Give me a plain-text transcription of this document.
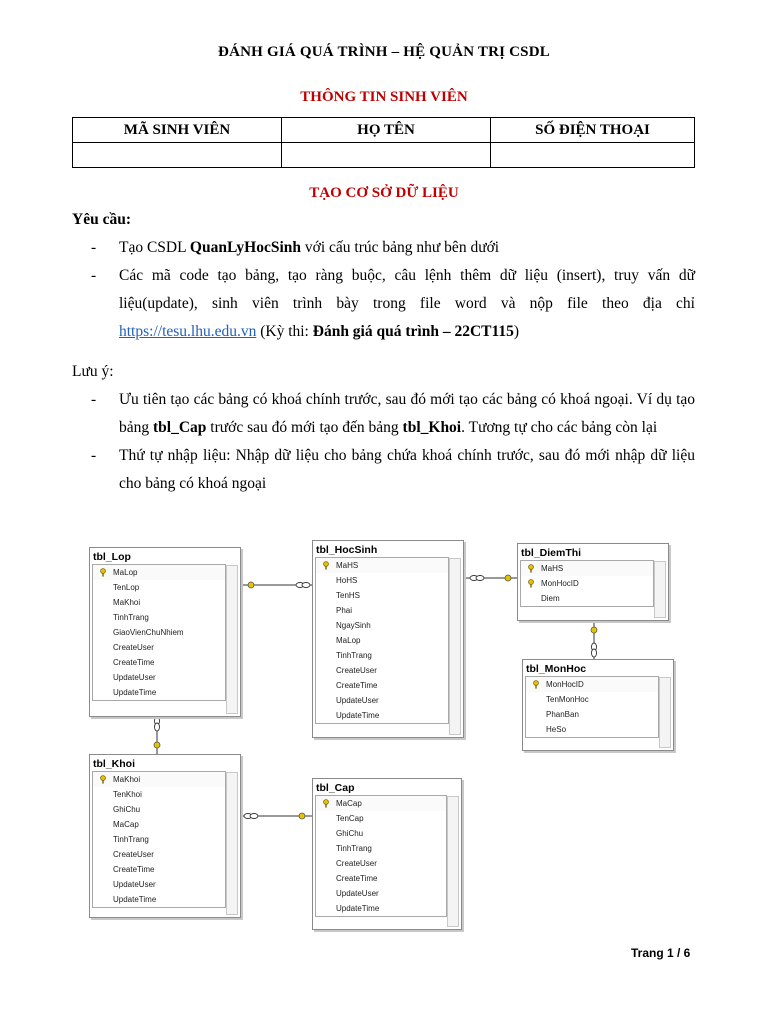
ĐÁNH GIÁ QUÁ TRÌNH – HỆ QUẢN TRỊ CSDL
THÔNG TIN SINH VIÊN
MÃ SINH VIÊN	HỌ TÊN	SỐ ĐIỆN THOẠI

TẠO CƠ SỞ DỮ LIỆU
Yêu cầu:
- Tạo CSDL QuanLyHocSinh với cấu trúc bảng như bên dưới
- Các mã code tạo bảng, tạo ràng buộc, câu lệnh thêm dữ liệu (insert), truy vấn dữ liệu(update), sinh viên trình bày trong file word và nộp file theo địa chỉ https://tesu.lhu.edu.vn (Kỳ thi: Đánh giá quá trình – 22CT115)
Lưu ý:
- Ưu tiên tạo các bảng có khoá chính trước, sau đó mới tạo các bảng có khoá ngoại. Ví dụ tạo bảng tbl_Cap trước sau đó mới tạo đến bảng tbl_Khoi. Tương tự cho các bảng còn lại
- Thứ tự nhập liệu: Nhập dữ liệu cho bảng chứa khoá chính trước, sau đó mới nhập dữ liệu cho bảng có khoá ngoại
tbl_Lop
MaLop
TenLop
MaKhoi
TinhTrang
GiaoVienChuNhiem
CreateUser
CreateTime
UpdateUser
UpdateTime
tbl_HocSinh
MaHS
HoHS
TenHS
Phai
NgaySinh
MaLop
TinhTrang
CreateUser
CreateTime
UpdateUser
UpdateTime
tbl_DiemThi
MaHS
MonHocID
Diem
tbl_MonHoc
MonHocID
TenMonHoc
PhanBan
HeSo
tbl_Khoi
MaKhoi
TenKhoi
GhiChu
MaCap
TinhTrang
CreateUser
CreateTime
UpdateUser
UpdateTime
tbl_Cap
MaCap
TenCap
GhiChu
TinhTrang
CreateUser
CreateTime
UpdateUser
UpdateTime
Trang 1 / 6
